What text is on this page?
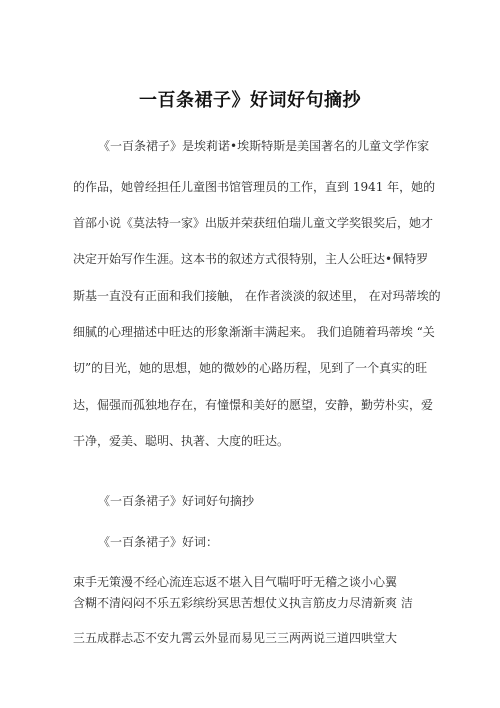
一百条裙子》好词好句摘抄
《一百条裙子》是埃莉诺•埃斯特斯是美国著名的儿童文学作家
的作品，她曾经担任儿童图书馆管理员的工作，直到 1941 年，她的
首部小说《莫法特一家》出版并荣获纽伯瑞儿童文学奖银奖后，她才
决定开始写作生涯。这本书的叙述方式很特别，主人公旺达•佩特罗
斯基一直没有正面和我们接触， 在作者淡淡的叙述里， 在对玛蒂埃的
细腻的心理描述中旺达的形象渐渐丰满起来。 我们追随着玛蒂埃 “关
切”的目光，她的思想，她的微妙的心路历程，见到了一个真实的旺
达，倔强而孤独地存在，有憧憬和美好的愿望，安静，勤劳朴实，爱
干净，爱美、聪明、执著、大度的旺达。
《一百条裙子》好词好句摘抄
《一百条裙子》好词：
束手无策漫不经心流连忘返不堪入目气喘吁吁无稽之谈小心翼
含糊不清闷闷不乐五彩缤纷冥思苦想仗义执言筋皮力尽清新爽 洁
三五成群忐忑不安九霄云外显而易见三三两两说三道四哄堂大
